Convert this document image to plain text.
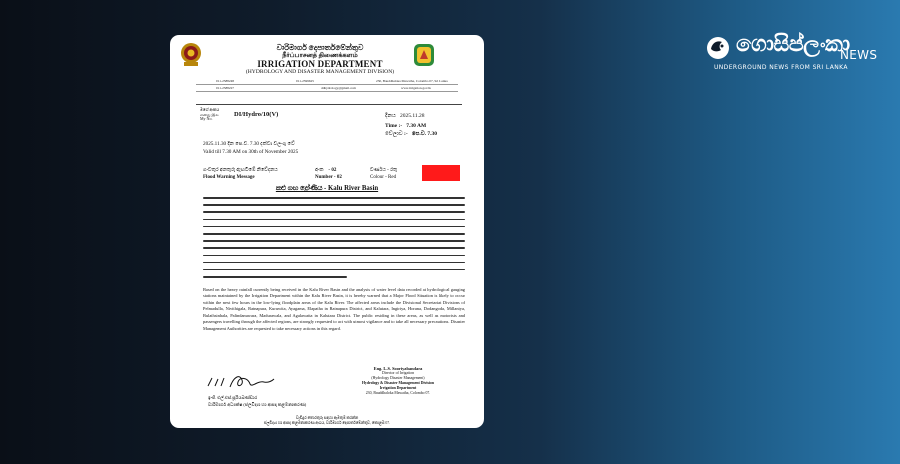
වාරිමාර්ග දෙපාර්තමේන්තුව
நீர்ப்பாசனத் திணைக்களம்
IRRIGATION DEPARTMENT
(HYDROLOGY AND DISASTER MANAGEMENT DIVISION)
011-2588248	011-2599625	230, Bauddhaloka Mawatha, Colombo 07, Sri Lanka
011-2588227	ddhydrology@gmail.com	www.irrigation.gov.lk
මගේ අංකය
எனது இல
My No.
DI/Hydro/10(V)	දිනය 2025.11.28
Time :- 7.30 AM
වේලාව :- පෙ.ව. 7.30
2025.11.30 දින පෙ.ව. 7.30 දක්වා වලංගු වේ
Valid till 7.30 AM on 30th of November 2025
ගංවතුර අනතුරු ඇඟවීමේ නිවේදනය
Flood Warning Message
අංක - 02
Number - 02
වර්ණය - රතු
Colour - Red
කළු ගඟ ද්‍රෝණිය - Kalu River Basin
Based on the heavy rainfall currently being received in the Kalu River Basin and the analysis of water level data recorded at hydrological gauging stations maintained by the Irrigation Department within the Kalu River Basin, it is hereby warned that a Major Flood Situation is likely to occur within the next few hours in the low-lying floodplain areas of the Kalu River. The affected areas include the Divisional Secretariat Divisions of Pelmadulla, Nivithigala, Ratnapura, Kuruwita, Ayagama, Elapatha in Ratnapura District, and Kalutara, Ingiriya, Horana, Dodangoda, Millaniya, Bulathsinhala, Palindanuwara, Madurawala, and Agalawatta in Kalutara District. The public residing in these areas, as well as motorists and passengers travelling through the affected regions, are strongly requested to act with utmost vigilance and to take all necessary precautions. Disaster Management Authorities are requested to take necessary actions in this regard.
ඉංජි. එල්.එස්.සූරියබණ්ඩාර
වාරිමාර්ග අධ්‍යක්ෂ (ජලවිද්‍යා හා ආපදා කළමනාකරණ)
Eng. L.S. Sooriyabandara
Director of Irrigation
(Hydrology Disaster Management)
Hydrology & Disaster Management Division
Irrigation Department
230, Bauddhaloka Mawatha, Colombo 07.
වැඩිදුර තොරතුරු සඳහා ඇමතුම් කරන්න
ජලවිද්‍යා හා ආපදා කළමනාකරණ අංශය, වාරිමාර්ග දෙපාර්තමේන්තුව, කොළඹ 07.
ගොසිප්ලංකා
NEWS
UNDERGROUND NEWS FROM SRI LANKA
